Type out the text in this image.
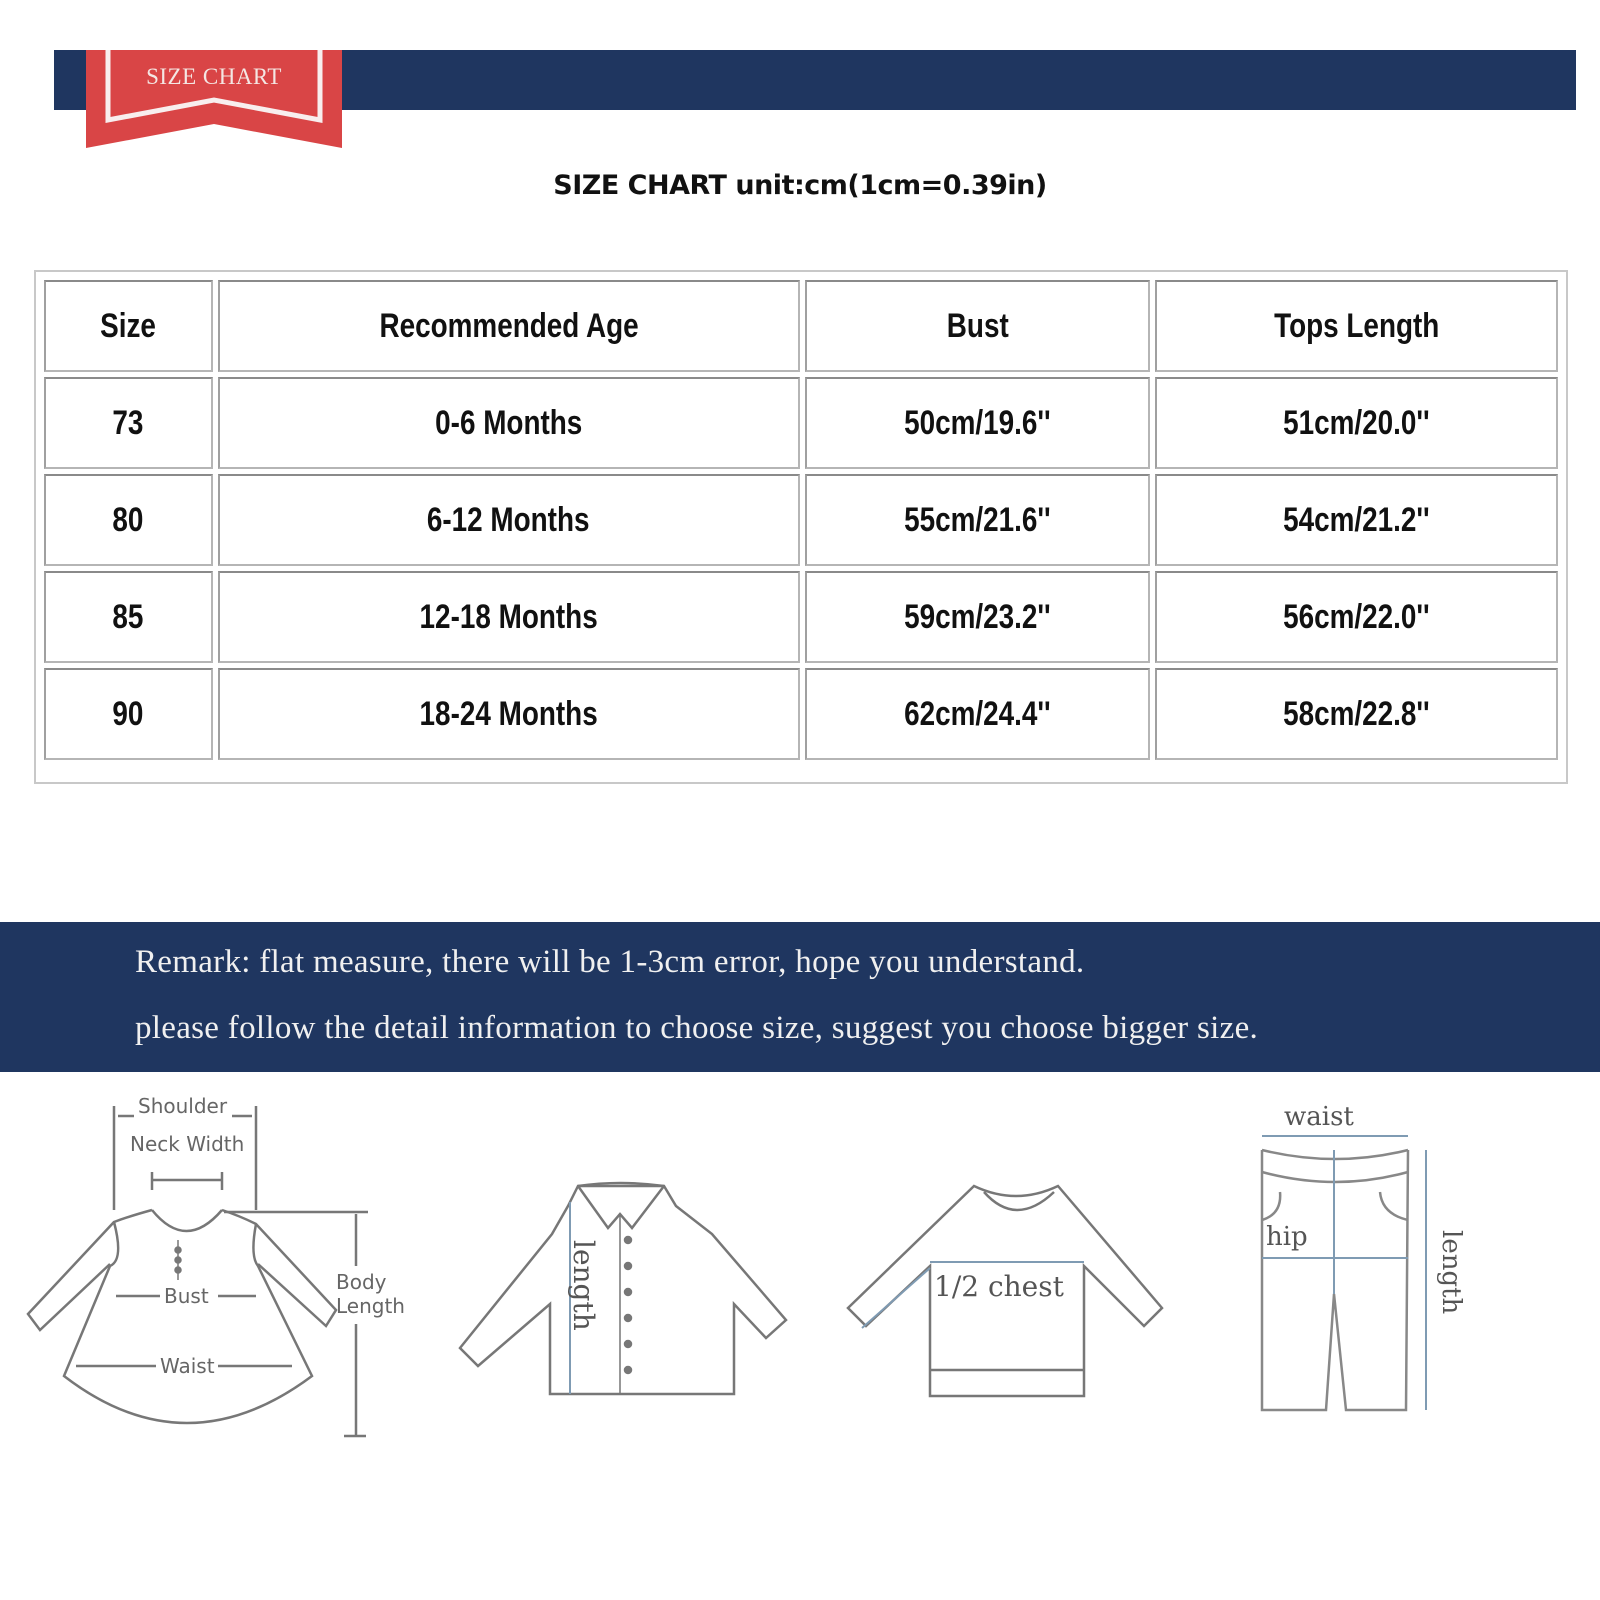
SIZE CHART
SIZE CHART unit:cm(1cm=0.39in)
Size	Recommended Age	Bust	Tops Length
73	0-6 Months	50cm/19.6''	51cm/20.0''
80	6-12 Months	55cm/21.6''	54cm/21.2''
85	12-18 Months	59cm/23.2''	56cm/22.0''
90	18-24 Months	62cm/24.4''	58cm/22.8''
Remark: flat measure, there will be 1-3cm error, hope you understand.
please follow the detail information to choose size, suggest you choose bigger size.
Shoulder
Neck Width
Bust
Waist
Body
Length	length	1/2 chest
waist
hip	length
